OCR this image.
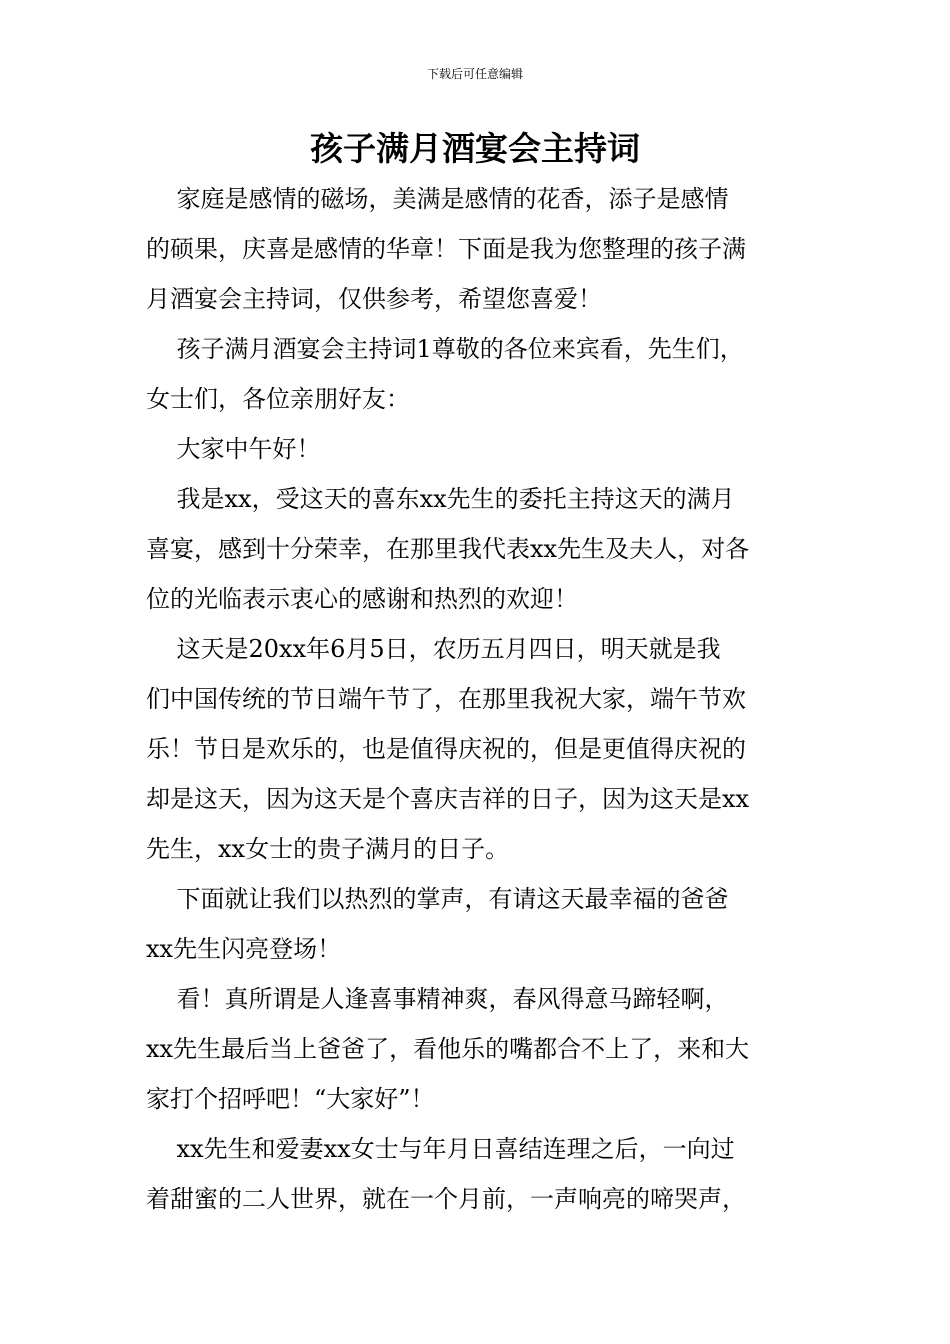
下载后可任意编辑
孩子满月酒宴会主持词

家庭是感情的磁场，美满是感情的花香，添子是感情

的硕果，庆喜是感情的华章！下面是我为您整理的孩子满

月酒宴会主持词，仅供参考，希望您喜爱！

孩子满月酒宴会主持词1尊敬的各位来宾看，先生们，

女士们，各位亲朋好友：

大家中午好！

我是xx，受这天的喜东xx先生的委托主持这天的满月

喜宴，感到十分荣幸，在那里我代表xx先生及夫人，对各

位的光临表示衷心的感谢和热烈的欢迎！

这天是20xx年6月5日，农历五月四日，明天就是我

们中国传统的节日端午节了，在那里我祝大家，端午节欢

乐！节日是欢乐的，也是值得庆祝的，但是更值得庆祝的

却是这天，因为这天是个喜庆吉祥的日子，因为这天是xx

先生，xx女士的贵子满月的日子。

下面就让我们以热烈的掌声，有请这天最幸福的爸爸

xx先生闪亮登场！

看！真所谓是人逢喜事精神爽，春风得意马蹄轻啊，

xx先生最后当上爸爸了，看他乐的嘴都合不上了，来和大

家打个招呼吧！“大家好”！

xx先生和爱妻xx女士与年月日喜结连理之后，一向过

着甜蜜的二人世界，就在一个月前，一声响亮的啼哭声，
